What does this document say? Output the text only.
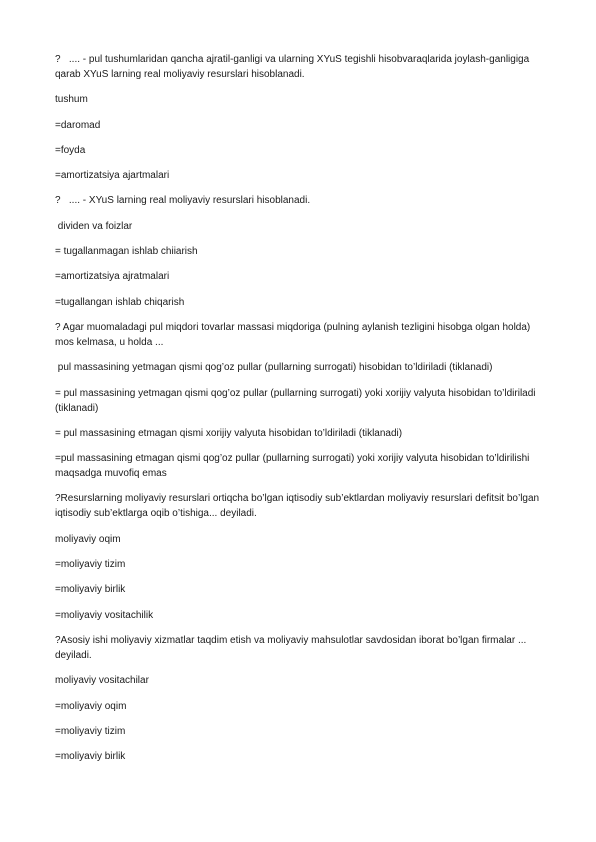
?   .... - pul tushumlaridan qancha ajratil-ganligi va ularning XYuS tegishli hisobvaraqlarida joylash-ganligiga qarab XYuS larning real moliyaviy resurslari hisoblanadi.

tushum

=daromad

=foyda

=amortizatsiya ajartmalari

?   .... - XYuS larning real moliyaviy resurslari hisoblanadi.

dividen va foizlar

= tugallanmagan ishlab chiiarish

=amortizatsiya ajratmalari

=tugallangan ishlab chiqarish

? Agar muomaladagi pul miqdori tovarlar massasi miqdoriga (pulning aylanish tezligini hisobga olgan holda) mos kelmasa, u holda ...

pul massasining yetmagan qismi qog’oz pullar (pullarning surrogati) hisobidan to’ldiriladi (tiklanadi)

= pul massasining yetmagan qismi qog’oz pullar (pullarning surrogati) yoki xorijiy valyuta hisobidan to’ldiriladi (tiklanadi)

= pul massasining etmagan qismi xorijiy valyuta hisobidan to’ldiriladi (tiklanadi)

=pul massasining etmagan qismi qog’oz pullar (pullarning surrogati) yoki xorijiy valyuta hisobidan to’ldirilishi maqsadga muvofiq emas

?Resurslarning moliyaviy resurslari ortiqcha bo’lgan iqtisodiy sub’ektlardan moliyaviy resurslari defitsit bo’lgan iqtisodiy sub’ektlarga oqib o’tishiga... deyiladi.

moliyaviy oqim

=moliyaviy tizim

=moliyaviy birlik

=moliyaviy vositachilik

?Asosiy ishi moliyaviy xizmatlar taqdim etish va moliyaviy mahsulotlar savdosidan iborat bo’lgan firmalar ... deyiladi.

moliyaviy vositachilar

=moliyaviy oqim

=moliyaviy tizim

=moliyaviy birlik
